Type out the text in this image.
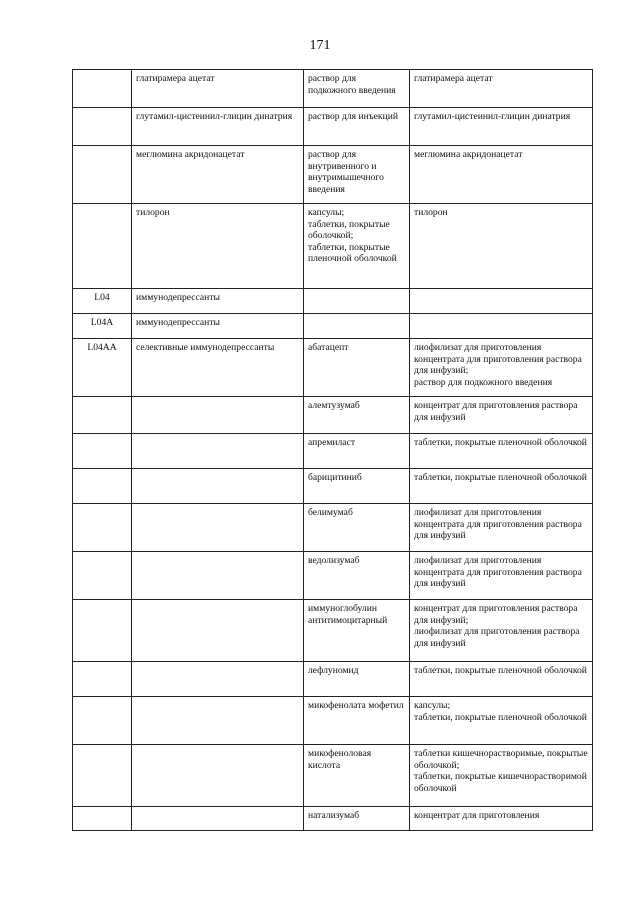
171
	глатирамера ацетат	раствор для подкожного введения	глатирамера ацетат
	глутамил-цистеинил-глицин динатрия	раствор для инъекций	глутамил-цистеинил-глицин динатрия
	меглюмина акридонацетат	раствор для внутривенного и внутримышечного введения	меглюмина акридонацетат
	тилорон	капсулы;
таблетки, покрытые оболочкой;
таблетки, покрытые пленочной оболочкой	тилорон
L04	иммунодепрессанты		
L04A	иммунодепрессанты		
L04AA	селективные иммунодепрессанты	абатацепт	лиофилизат для приготовления концентрата для приготовления раствора для инфузий;
раствор для подкожного введения
		алемтузумаб	концентрат для приготовления раствора для инфузий
		апремиласт	таблетки, покрытые пленочной оболочкой
		барицитиниб	таблетки, покрытые пленочной оболочкой
		белимумаб	лиофилизат для приготовления концентрата для приготовления раствора для инфузий
		ведолизумаб	лиофилизат для приготовления концентрата для приготовления раствора для инфузий
		иммуноглобулин антитимоцитарный	концентрат для приготовления раствора для инфузий;
лиофилизат для приготовления раствора для инфузий
		лефлуномид	таблетки, покрытые пленочной оболочкой
		микофенолата мофетил	капсулы;
таблетки, покрытые пленочной оболочкой
		микофеноловая кислота	таблетки кишечнорастворимые, покрытые оболочкой;
таблетки, покрытые кишечнорастворимой оболочкой
		натализумаб	концентрат для приготовления
